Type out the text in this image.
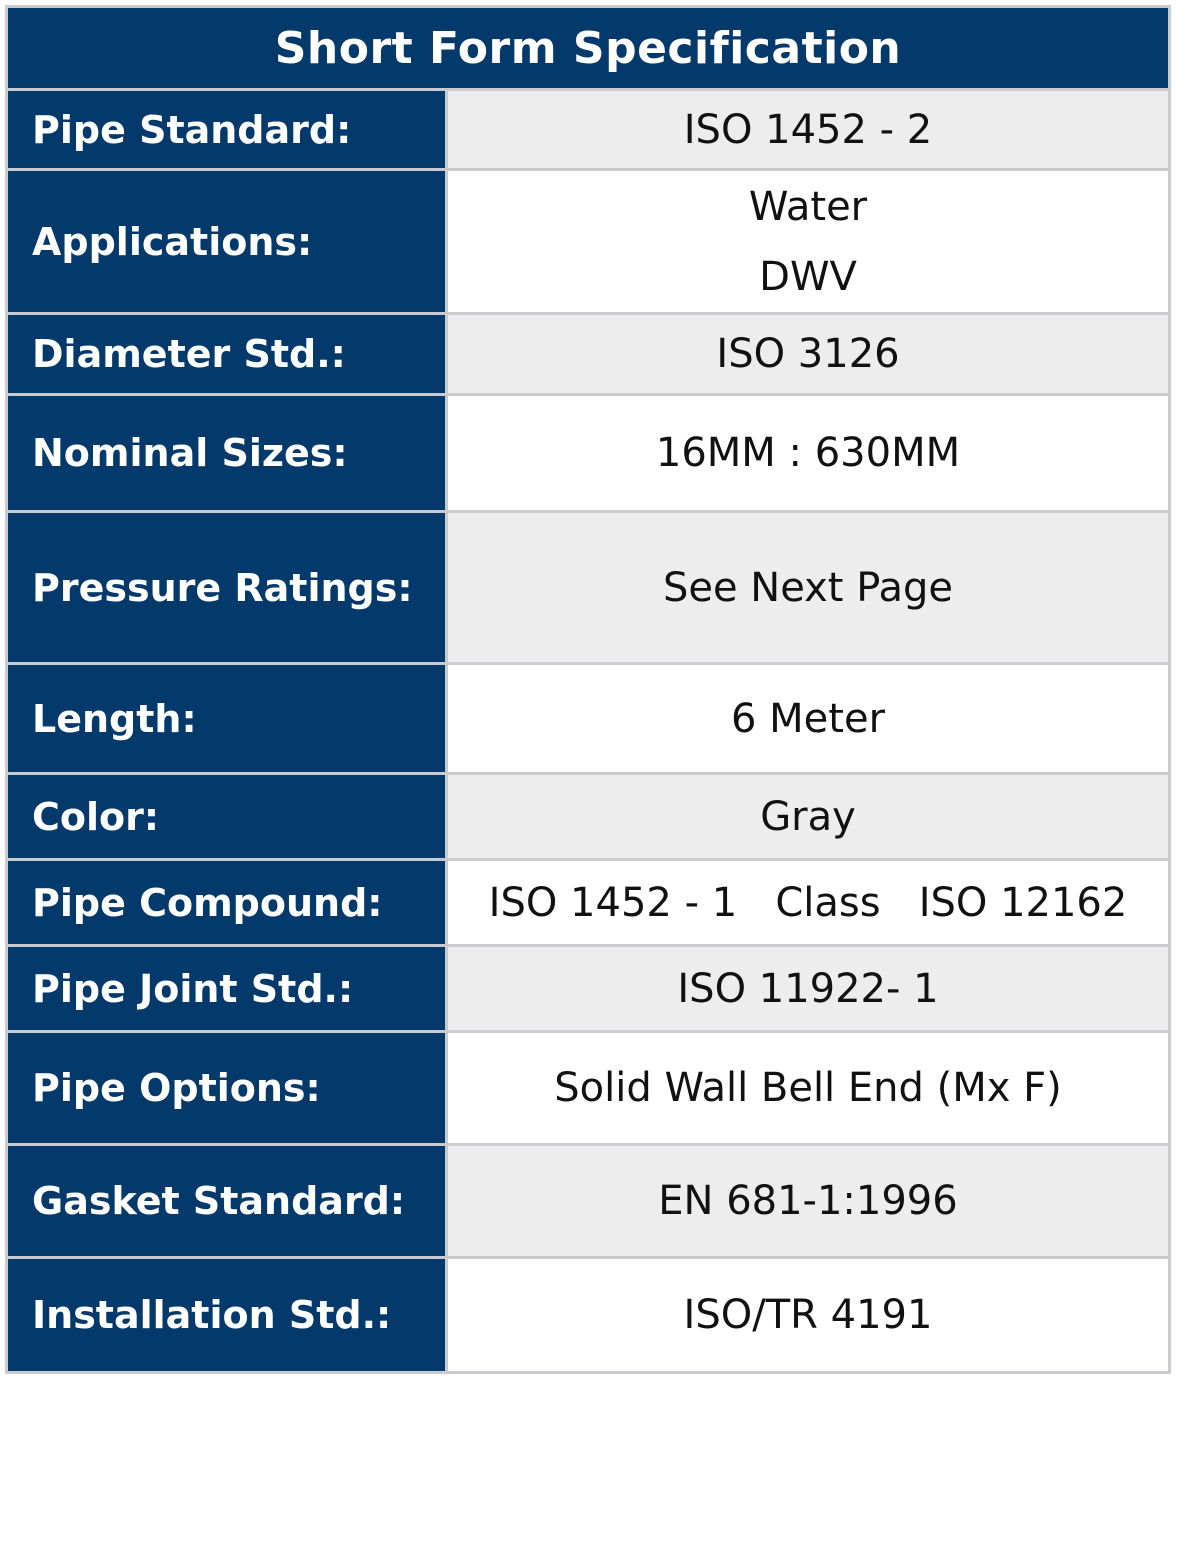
Short Form Specification
Pipe Standard:	ISO 1452 - 2
Applications:
Water
DWV
Diameter Std.:	ISO 3126
Nominal Sizes:	16MM : 630MM
Pressure Ratings:	See Next Page
Length:	6 Meter
Color:	Gray
Pipe Compound:	ISO 1452 - 1   Class   ISO 12162
Pipe Joint Std.:	ISO 11922- 1
Pipe Options:	Solid Wall Bell End (Mx F)
Gasket Standard:	EN 681-1:1996
Installation Std.:	ISO/TR 4191
